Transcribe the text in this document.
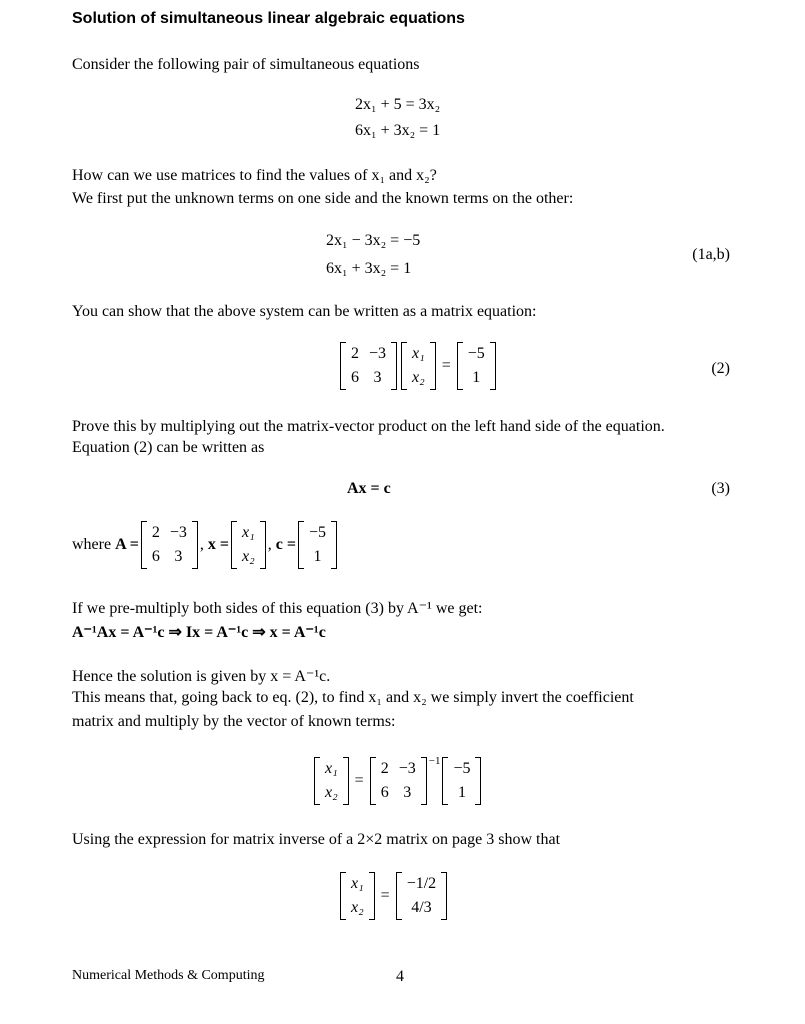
Solution of simultaneous linear algebraic equations
Consider the following pair of simultaneous equations
2x₁ + 5 = 3x₂
6x₁ + 3x₂ = 1
How can we use matrices to find the values of x₁ and x₂?
We first put the unknown terms on one side and the known terms on the other:
2x₁ − 3x₂ = −5
6x₁ + 3x₂ = 1
(1a,b)
You can show that the above system can be written as a matrix equation:
2	−3
6	3
x₁
x₂
=
−5
1
(2)
Prove this by multiplying out the matrix-vector product on the left hand side of the equation.
Equation (2) can be written as
Ax = c	(3)
where A =
2	−3
6	3
, x =
x₁
x₂
, c =
−5
1
If we pre-multiply both sides of this equation (3) by A⁻¹ we get:
A⁻¹Ax = A⁻¹c ⇒ Ix = A⁻¹c ⇒ x = A⁻¹c
Hence the solution is given by x = A⁻¹c.
This means that, going back to eq. (2), to find x₁ and x₂ we simply invert the coefficient
matrix and multiply by the vector of known terms:
x₁
x₂
=
2	−3
6	3
−1 −5
1
Using the expression for matrix inverse of a 2×2 matrix on page 3 show that
x₁
x₂
=
−1/2
4/3
Numerical Methods & Computing	4
